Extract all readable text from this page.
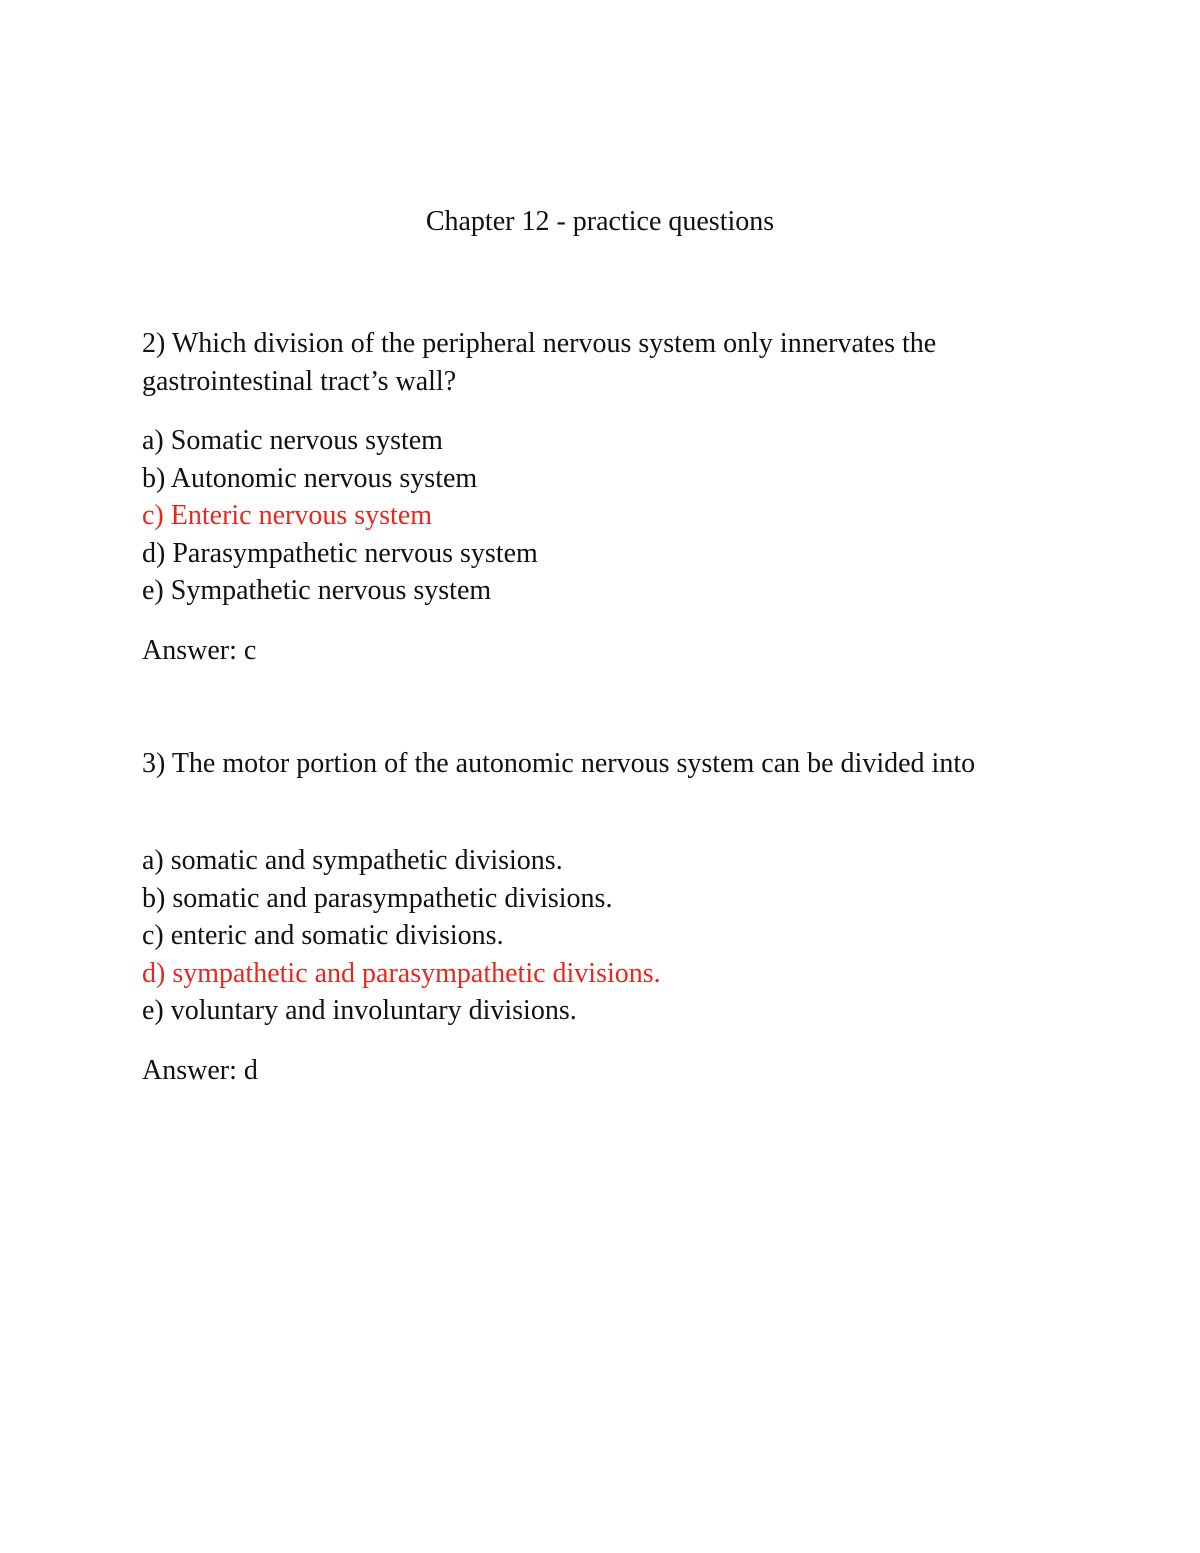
Chapter 12 - practice questions

2) Which division of the peripheral nervous system only innervates the gastrointestinal tract’s wall?

a) Somatic nervous system
b) Autonomic nervous system
c) Enteric nervous system
d) Parasympathetic nervous system
e) Sympathetic nervous system
Answer: c

3) The motor portion of the autonomic nervous system can be divided into

a) somatic and sympathetic divisions.
b) somatic and parasympathetic divisions.
c) enteric and somatic divisions.
d) sympathetic and parasympathetic divisions.
e) voluntary and involuntary divisions.
Answer: d
